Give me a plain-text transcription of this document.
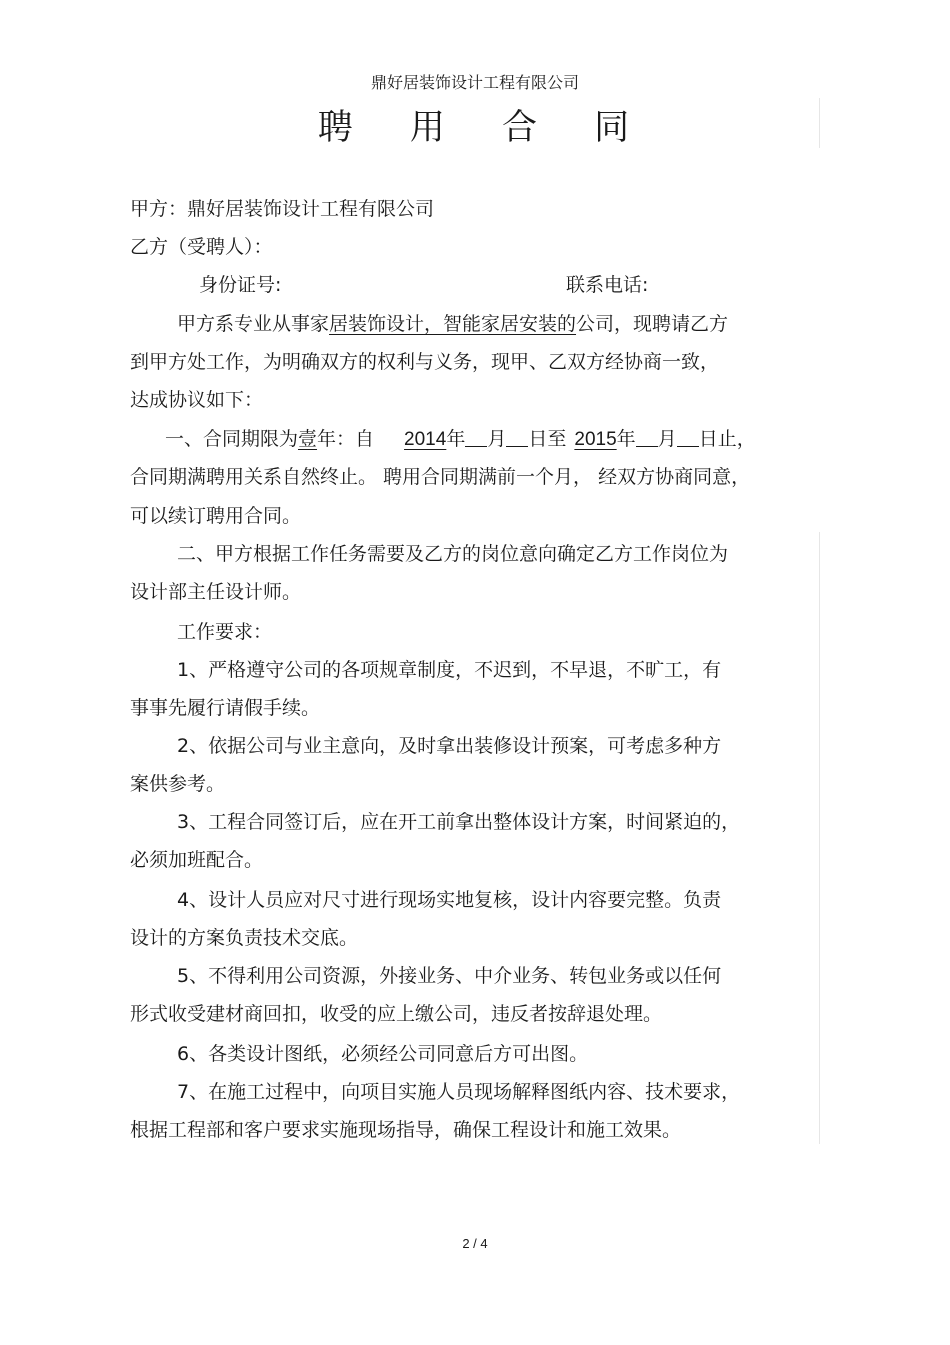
鼎好居装饰设计工程有限公司
聘 用 合 同
甲方：鼎好居装饰设计工程有限公司
乙方（受聘人）：
身份证号:	联系电话:
甲方系专业从事家居装饰设计，智能家居安装的公司，现聘请乙方
到甲方处工作，为明确双方的权利与义务，现甲、乙双方经协商一致，
达成协议如下：
一、合同期限为壹年：自 2014年 月 日至 2015年 月 日止，
合同期满聘用关系自然终止。 聘用合同期满前一个月， 经双方协商同意，
可以续订聘用合同。
二、甲方根据工作任务需要及乙方的岗位意向确定乙方工作岗位为
设计部主任设计师。
工作要求：
1、严格遵守公司的各项规章制度，不迟到，不早退，不旷工，有
事事先履行请假手续。
2、依据公司与业主意向，及时拿出装修设计预案，可考虑多种方
案供参考。
3、工程合同签订后，应在开工前拿出整体设计方案，时间紧迫的，
必须加班配合。
4、设计人员应对尺寸进行现场实地复核，设计内容要完整。负责
设计的方案负责技术交底。
5、不得利用公司资源，外接业务、中介业务、转包业务或以任何
形式收受建材商回扣，收受的应上缴公司，违反者按辞退处理。
6、各类设计图纸，必须经公司同意后方可出图。
7、在施工过程中，向项目实施人员现场解释图纸内容、技术要求，
根据工程部和客户要求实施现场指导，确保工程设计和施工效果。
2 / 4
